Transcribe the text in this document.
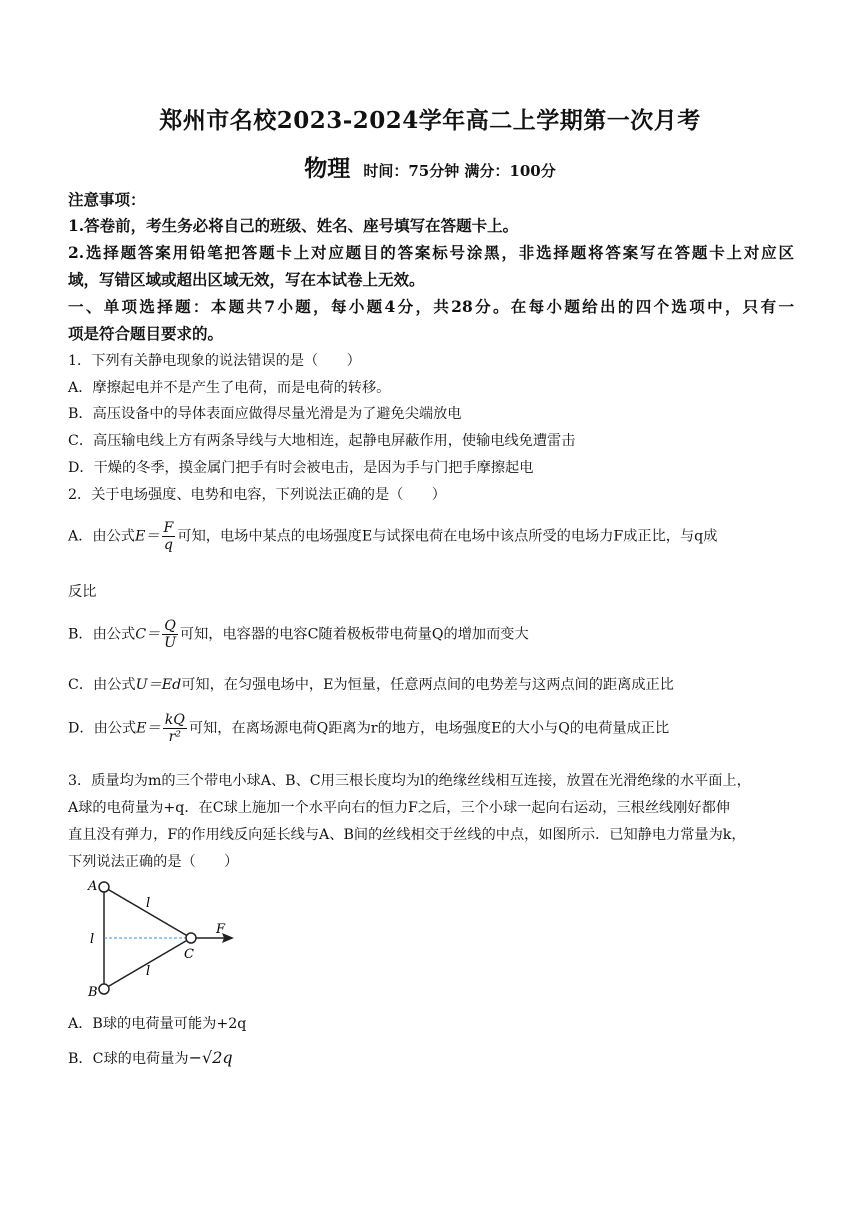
郑州市名校2023-2024学年高二上学期第一次月考
物理 时间：75分钟 满分：100分
注意事项：
1.答卷前，考生务必将自己的班级、姓名、座号填写在答题卡上。
2.选择题答案用铅笔把答题卡上对应题目的答案标号涂黑，非选择题将答案写在答题卡上对应区
域，写错区域或超出区域无效，写在本试卷上无效。
一、单项选择题：本题共7小题，每小题4分，共28分。在每小题给出的四个选项中，只有一
项是符合题目要求的。
1．下列有关静电现象的说法错误的是（　　）
A．摩擦起电并不是产生了电荷，而是电荷的转移。
B．高压设备中的导体表面应做得尽量光滑是为了避免尖端放电
C．高压输电线上方有两条导线与大地相连，起静电屏蔽作用，使输电线免遭雷击
D．干燥的冬季，摸金属门把手有时会被电击，是因为手与门把手摩擦起电
2．关于电场强度、电势和电容，下列说法正确的是（　　）
A．由公式$E= \frac{F}{q}$ 可知，电场中某点的电场强度E与试探电荷在电场中该点所受的电场力F成正比，与q成
反比
B．由公式$C= \frac{Q}{U}$ 可知，电容器的电容C随着极板带电荷量Q的增加而变大
C．由公式U＝Ed可知，在匀强电场中，E为恒量，任意两点间的电势差与这两点间的距离成正比
D．由公式$E= \frac{kQ}{\text{r²}}$ 可知，在离场源电荷Q距离为r的地方，电场强度E的大小与Q的电荷量成正比
3．质量均为m的三个带电小球A、B、C用三根长度均为l的绝缘丝线相互连接，放置在光滑绝缘的水平面上，
A球的电荷量为+q．在C球上施加一个水平向右的恒力F之后，三个小球一起向右运动，三根丝线刚好都伸
直且没有弹力，F的作用线反向延长线与A、B间的丝线相交于丝线的中点，如图所示．已知静电力常量为k，
下列说法正确的是（　　）
A
B
C
F
l
l
l
A．B球的电荷量可能为+2q
B．C球的电荷量为−√2q
